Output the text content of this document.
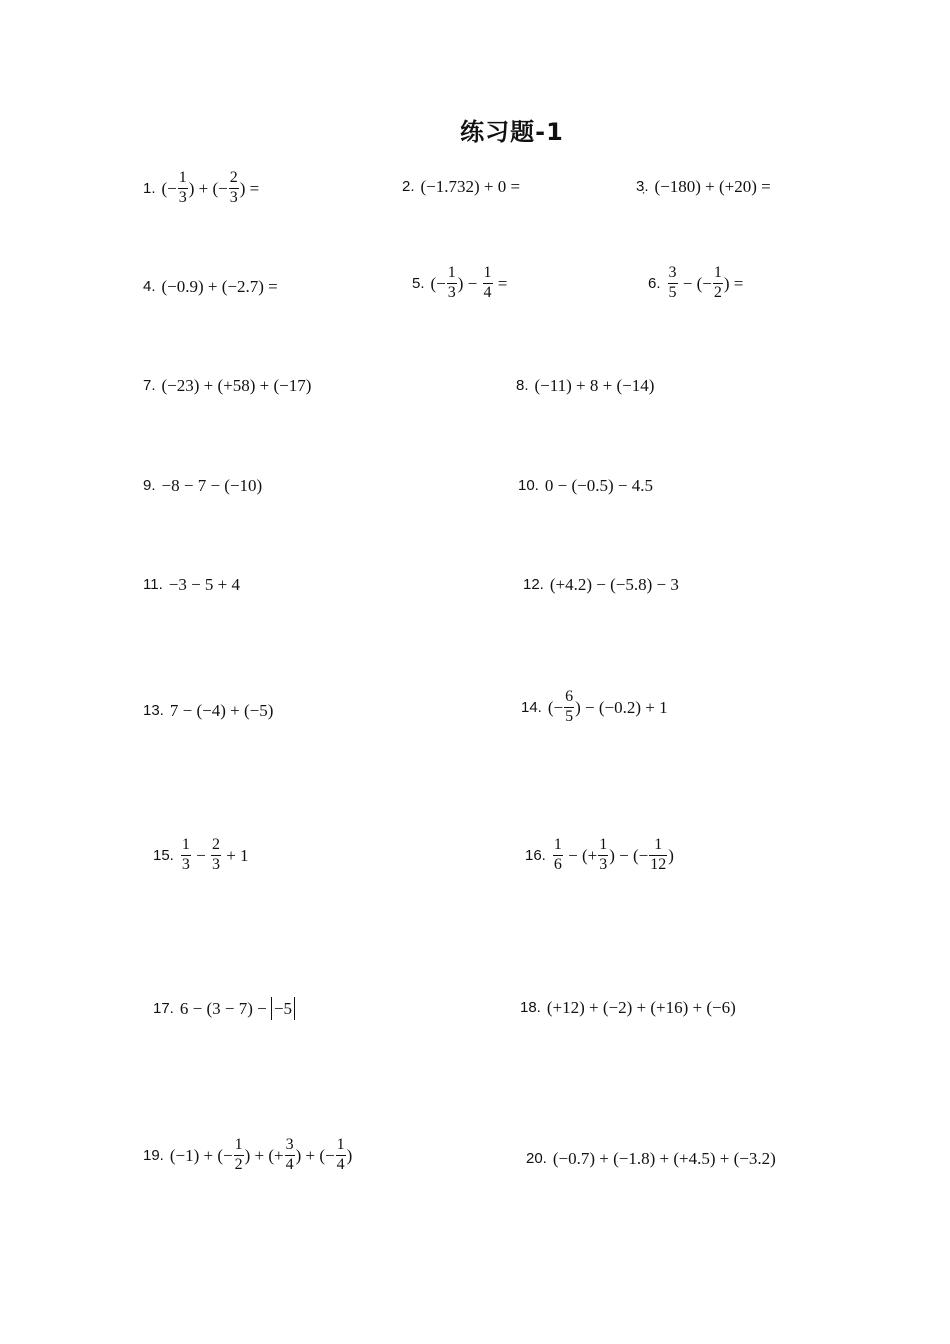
练习题-1
1. (− $\frac{1}{3}$ ) + (− $\frac{2}{3}$ ) =	2. (−1.732) + 0 =	3.̣ (−180) + (+20) =
4. (−0.9) + (−2.7) =	5. (− $\frac{1}{3}$ ) − $\frac{1}{4}$ =	6. $\frac{3}{5}$ − (− $\frac{1}{2}$ ) =
7. (−23) + (+58) + (−17)	8. (−11) + 8 + (−14)
9. −8 − 7 − (−10)	10. 0 − (−0.5) − 4.5
11. −3 − 5 + 4	12. (+4.2) − (−5.8) − 3
13. 7 − (−4) + (−5)	14. (− $\frac{6}{5}$ ) − (−0.2) + 1
15. $\frac{1}{3} - \frac{2}{3} + 1$	16. $\frac{1}{6}$ − (+ $\frac{1}{3}$ ) − (− $\frac{1}{12}$ )
17. 6 − (3 − 7) − −5	18. (+12) + (−2) + (+16) + (−6)
19. (−1) + (− $\frac{1}{2}$ ) + (+ $\frac{3}{4}$ ) + (− $\frac{1}{4}$ )	20. (−0.7) + (−1.8) + (+4.5) + (−3.2)
